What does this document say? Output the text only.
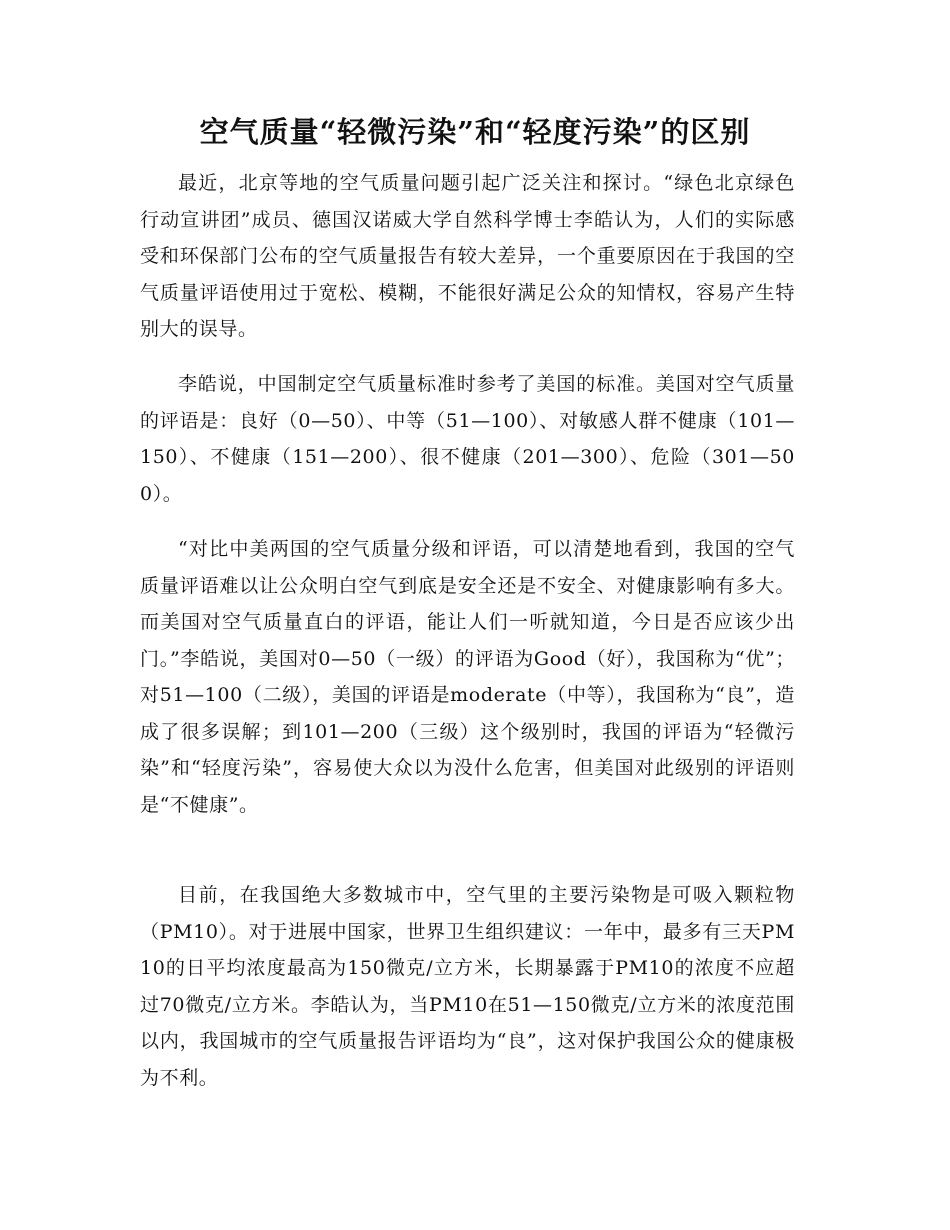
空气质量“轻微污染”和“轻度污染”的区别

最近，北京等地的空气质量问题引起广泛关注和探讨。“绿色北京绿色行动宣讲团”成员、德国汉诺威大学自然科学博士李皓认为，人们的实际感受和环保部门公布的空气质量报告有较大差异，一个重要原因在于我国的空气质量评语使用过于宽松、模糊，不能很好满足公众的知情权，容易产生特别大的误导。

李皓说，中国制定空气质量标准时参考了美国的标准。美国对空气质量的评语是：良好（0—50）、中等（51—100）、对敏感人群不健康（101—150）、不健康（151—200）、很不健康（201—300）、危险（301—500）。

“对比中美两国的空气质量分级和评语，可以清楚地看到，我国的空气质量评语难以让公众明白空气到底是安全还是不安全、对健康影响有多大。而美国对空气质量直白的评语，能让人们一听就知道，今日是否应该少出门。”李皓说，美国对0—50（一级）的评语为Good（好），我国称为“优”；对51—100（二级），美国的评语是moderate（中等），我国称为“良”，造成了很多误解；到101—200（三级）这个级别时，我国的评语为“轻微污染”和“轻度污染”，容易使大众以为没什么危害，但美国对此级别的评语则是“不健康”。

目前，在我国绝大多数城市中，空气里的主要污染物是可吸入颗粒物（PM10）。对于进展中国家，世界卫生组织建议：一年中，最多有三天PM10的日平均浓度最高为150微克/立方米，长期暴露于PM10的浓度不应超过70微克/立方米。李皓认为，当PM10在51—150微克/立方米的浓度范围以内，我国城市的空气质量报告评语均为“良”，这对保护我国公众的健康极为不利。
